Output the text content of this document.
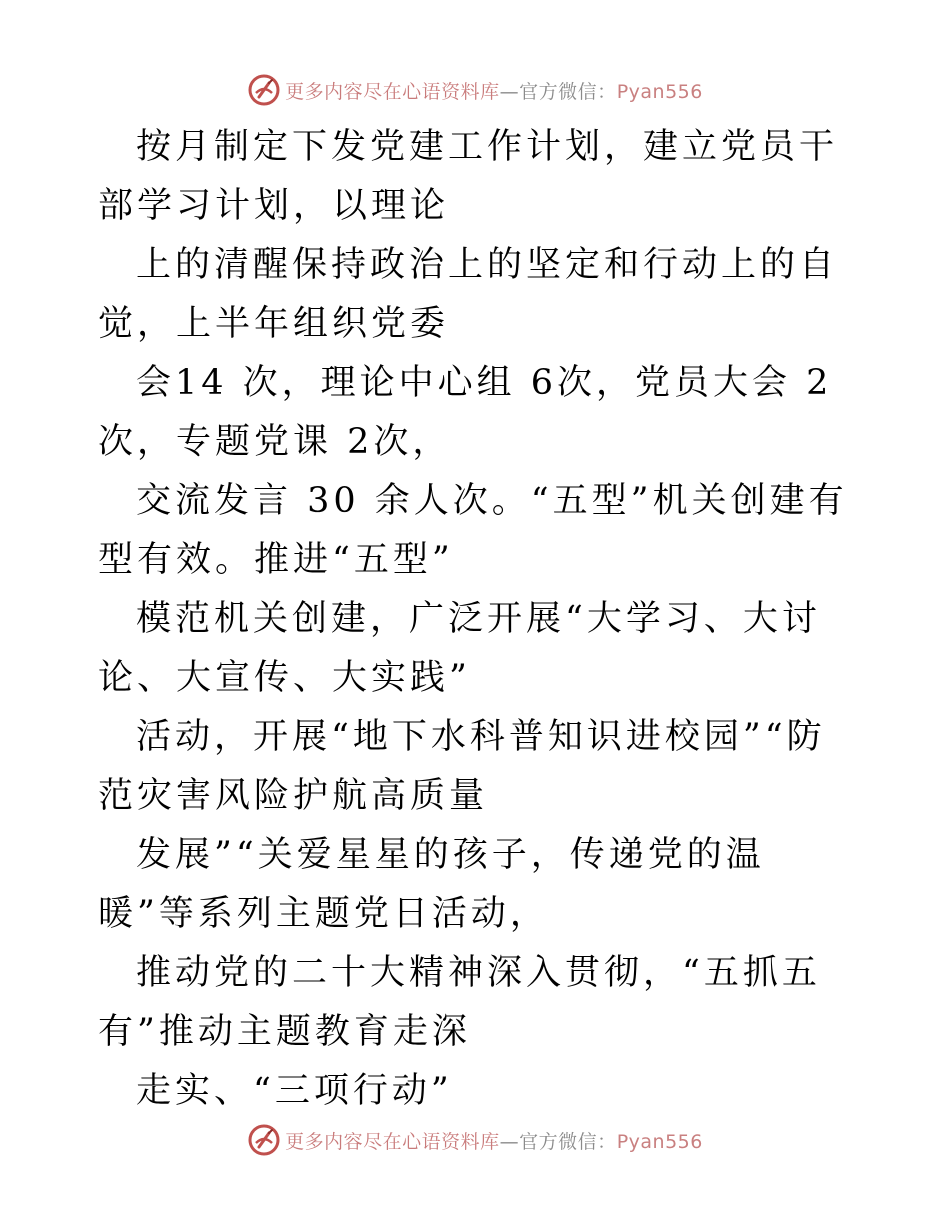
更多内容尽在心语资料库—官方微信：Pyan556

按月制定下发党建工作计划，建立党员干部学习计划，以理论

上的清醒保持政治上的坚定和行动上的自觉，上半年组织党委

会14 次，理论中心组 6次，党员大会 2次，专题党课 2次，

交流发言 30 余人次。“五型”机关创建有型有效。推进“五型”

模范机关创建，广泛开展“大学习、大讨论、大宣传、大实践”

活动，开展“地下水科普知识进校园”“防范灾害风险护航高质量

发展”“关爱星星的孩子，传递党的温暖”等系列主题党日活动，

推动党的二十大精神深入贯彻，“五抓五有”推动主题教育走深

走实、“三项行动”

更多内容尽在心语资料库—官方微信：Pyan556
